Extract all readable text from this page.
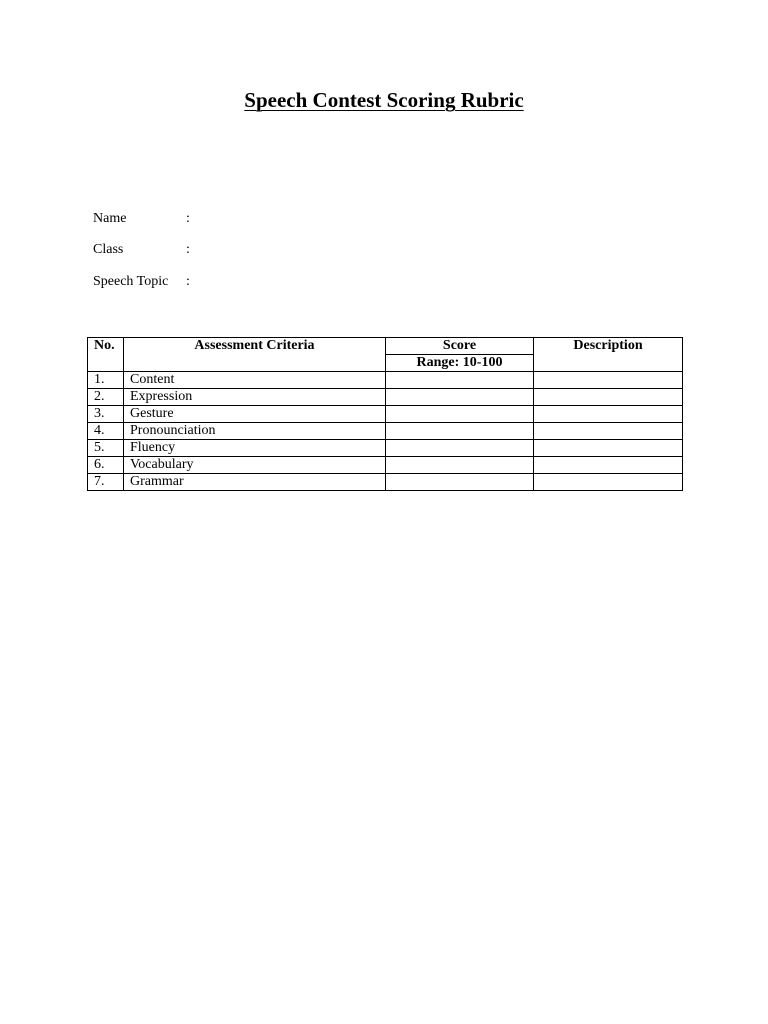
Speech Contest Scoring Rubric
Name	:
Class	:
Speech Topic :
No.	Assessment Criteria	Score	Description
		Range: 10-100	
1.	Content		
2.	Expression		
3.	Gesture		
4.	Pronounciation		
5.	Fluency		
6.	Vocabulary		
7.	Grammar		
